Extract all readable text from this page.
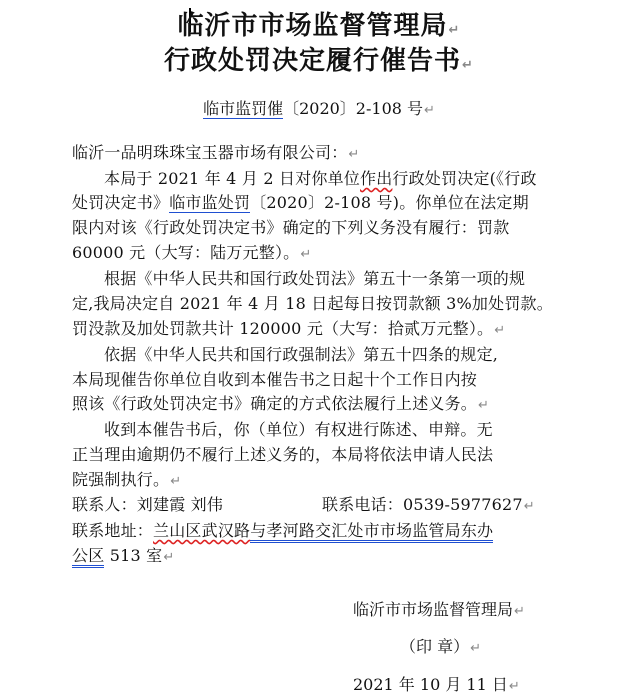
临沂市市场监督管理局↵
行政处罚决定履行催告书↵
临市监罚催〔2020〕2-108 号↵
临沂一品明珠珠宝玉器市场有限公司：↵
本局于 2021 年 4 月 2 日对你单位作出行政处罚决定(《行政
处罚决定书》临市监处罚〔2020〕2-108 号)。你单位在法定期
限内对该《行政处罚决定书》确定的下列义务没有履行：罚款
60000 元（大写：陆万元整）。↵
根据《中华人民共和国行政处罚法》第五十一条第一项的规
定,我局决定自 2021 年 4 月 18 日起每日按罚款额 3%加处罚款。
罚没款及加处罚款共计 120000 元（大写：拾贰万元整）。↵
依据《中华人民共和国行政强制法》第五十四条的规定,
本局现催告你单位自收到本催告书之日起十个工作日内按
照该《行政处罚决定书》确定的方式依法履行上述义务。↵
收到本催告书后，你（单位）有权进行陈述、申辩。无
正当理由逾期仍不履行上述义务的，本局将依法申请人民法
院强制执行。↵
联系人：刘建霞 刘伟	联系电话：0539-5977627↵
联系地址：兰山区武汉路与孝河路交汇处市市场监管局东办
公区 513 室↵
临沂市市场监督管理局↵
（印 章）↵
2021 年 10 月 11 日↵
